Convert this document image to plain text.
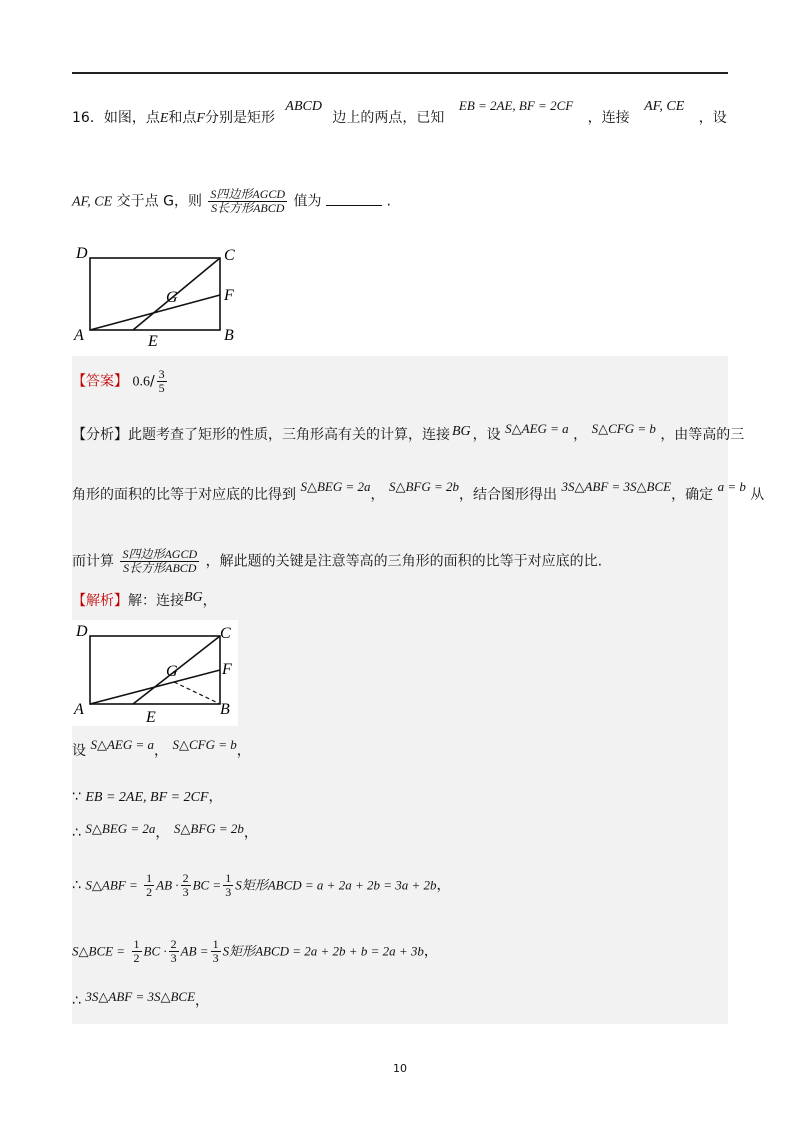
16．如图，点E和点F分别是矩形 ABCD 边上的两点，已知 EB = 2AE, BF = 2CF ，连接 AF, CE ，设
AF, CE 交于点 G，则 $\frac{\text{S四边形AGCD}}{\text{S长方形ABCD}}$ 值为	.
D	C
G	F
A	E	B
【答案】 $0.6/ \frac{3}{5}$
【分析】此题考查了矩形的性质，三角形高有关的计算，连接 BG ，设 S△AEG = a ， S△CFG = b ，由等高的三
角形的面积的比等于对应底的比得到 S△BEG = 2a， S△BFG = 2b，结合图形得出 3S△ABF = 3S△BCE，确定 a = b 从
而计算 $\frac{\text{S四边形AGCD}}{\text{S长方形ABCD}}$ ，解此题的关键是注意等高的三角形的面积的比等于对应底的比.
【解析】解：连接BG，
D	C
G	F
A	E	B
设 S△AEG = a， S△CFG = b，
∵ EB = 2AE, BF = 2CF，
∴ S△BEG = 2a， S△BFG = 2b，
∴ S△ABF = $\frac{1}{2}$ AB · $\frac{2}{3}$ BC = $\frac{1}{3}$ S矩形ABCD = a + 2a + 2b = 3a + 2b，
S△BCE = $\frac{1}{2}$ BC · $\frac{2}{3}$ AB = $\frac{1}{3}$ S矩形ABCD = 2a + 2b + b = 2a + 3b，
∴ 3S△ABF = 3S△BCE，
10
